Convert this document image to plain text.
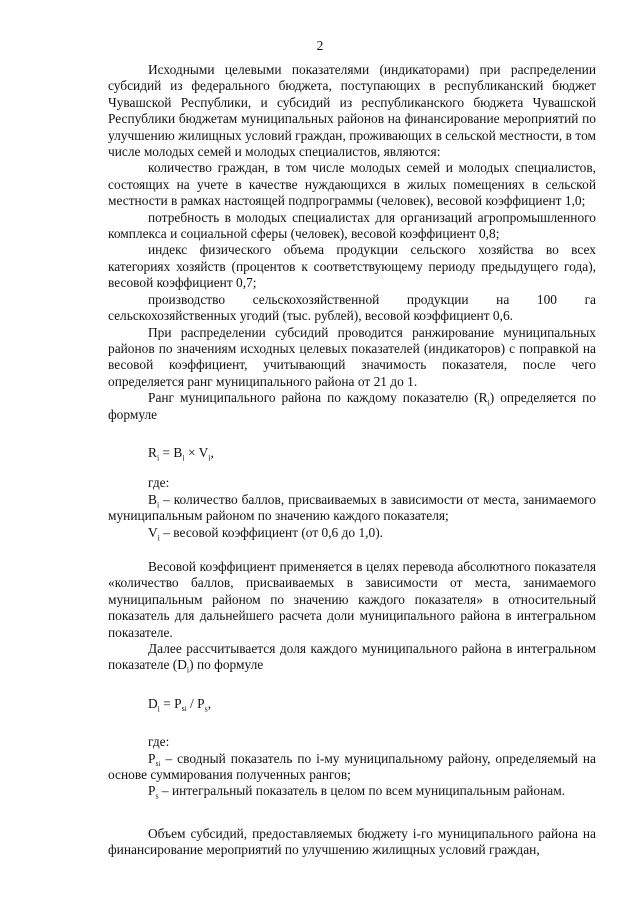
2

Исходными целевыми показателями (индикаторами) при распределении субсидий из федерального бюджета, поступающих в республиканский бюджет Чувашской Республики, и субсидий из республиканского бюджета Чувашской Республики бюджетам муниципальных районов на финансирование мероприятий по улучшению жилищных условий граждан, проживающих в сельской местности, в том числе молодых семей и молодых специалистов, являются:

количество граждан, в том числе молодых семей и молодых специалистов, состоящих на учете в качестве нуждающихся в жилых помещениях в сельской местности в рамках настоящей подпрограммы (человек), весовой коэффициент 1,0;

потребность в молодых специалистах для организаций агропромышленного комплекса и социальной сферы (человек), весовой коэффициент 0,8;

индекс физического объема продукции сельского хозяйства во всех категориях хозяйств (процентов к соответствующему периоду предыдущего года), весовой коэффициент 0,7;

производство сельскохозяйственной продукции на 100 га сельскохозяйственных угодий (тыс. рублей), весовой коэффициент 0,6.

При распределении субсидий проводится ранжирование муниципальных районов по значениям исходных целевых показателей (индикаторов) с поправкой на весовой коэффициент, учитывающий значимость показателя, после чего определяется ранг муниципального района от 21 до 1.

Ранг муниципального района по каждому показателю $(R_i)$ определяется по формуле

$R_i = B_i \times V_i$,

где:

$B_i$ – количество баллов, присваиваемых в зависимости от места, занимаемого муниципальным районом по значению каждого показателя;

$V_i$ – весовой коэффициент (от 0,6 до 1,0).

Весовой коэффициент применяется в целях перевода абсолютного показателя «количество баллов, присваиваемых в зависимости от места, занимаемого муниципальным районом по значению каждого показателя» в относительный показатель для дальнейшего расчета доли муниципального района в интегральном показателе.

Далее рассчитывается доля каждого муниципального района в интегральном показателе $(D_i)$ по формуле

$D_i = P_{si} / P_s$,

где:

$P_{si}$ – сводный показатель по i-му муниципальному району, определяемый на основе суммирования полученных рангов;

$P_s$ – интегральный показатель в целом по всем муниципальным районам.

Объем субсидий, предоставляемых бюджету i-го муниципального района на финансирование мероприятий по улучшению жилищных условий граждан,
